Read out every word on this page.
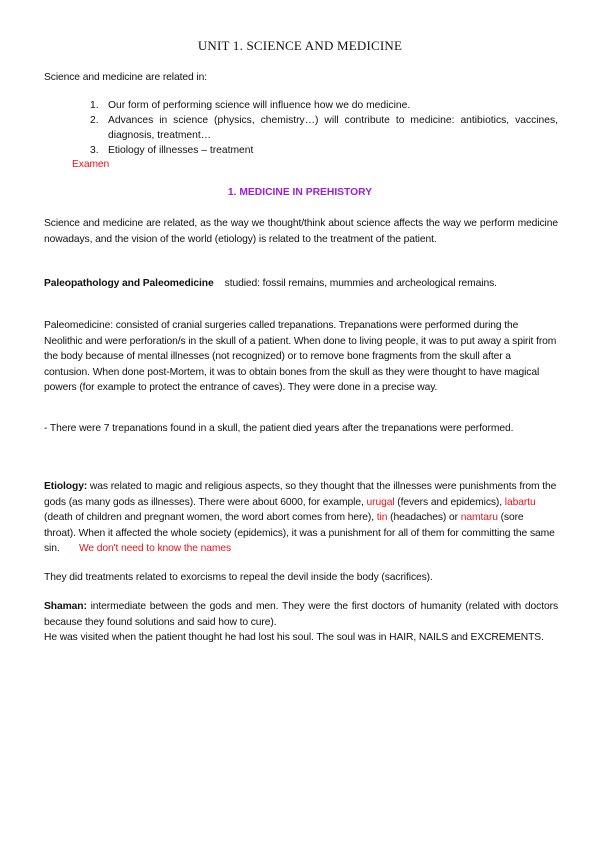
UNIT 1. SCIENCE AND MEDICINE
Science and medicine are related in:
1. Our form of performing science will influence how we do medicine.
2. Advances in science (physics, chemistry…) will contribute to medicine: antibiotics, vaccines, diagnosis, treatment…
3. Etiology of illnesses – treatment
Examen
1. MEDICINE IN PREHISTORY
Science and medicine are related, as the way we thought/think about science affects the way we perform medicine nowadays, and the vision of the world (etiology) is related to the treatment of the patient.
Paleopathology and Paleomedicine studied: fossil remains, mummies and archeological remains.
Paleomedicine: consisted of cranial surgeries called trepanations. Trepanations were performed during the Neolithic and were perforation/s in the skull of a patient. When done to living people, it was to put away a spirit from the body because of mental illnesses (not recognized) or to remove bone fragments from the skull after a contusion. When done post-Mortem, it was to obtain bones from the skull as they were thought to have magical powers (for example to protect the entrance of caves). They were done in a precise way.
- There were 7 trepanations found in a skull, the patient died years after the trepanations were performed.
Etiology: was related to magic and religious aspects, so they thought that the illnesses were punishments from the gods (as many gods as illnesses). There were about 6000, for example, urugal (fevers and epidemics), labartu (death of children and pregnant women, the word abort comes from here), tin (headaches) or namtaru (sore throat). When it affected the whole society (epidemics), it was a punishment for all of them for committing the same sin. We don't need to know the names
They did treatments related to exorcisms to repeal the devil inside the body (sacrifices).
Shaman: intermediate between the gods and men. They were the first doctors of humanity (related with doctors because they found solutions and said how to cure).
He was visited when the patient thought he had lost his soul. The soul was in HAIR, NAILS and EXCREMENTS.
